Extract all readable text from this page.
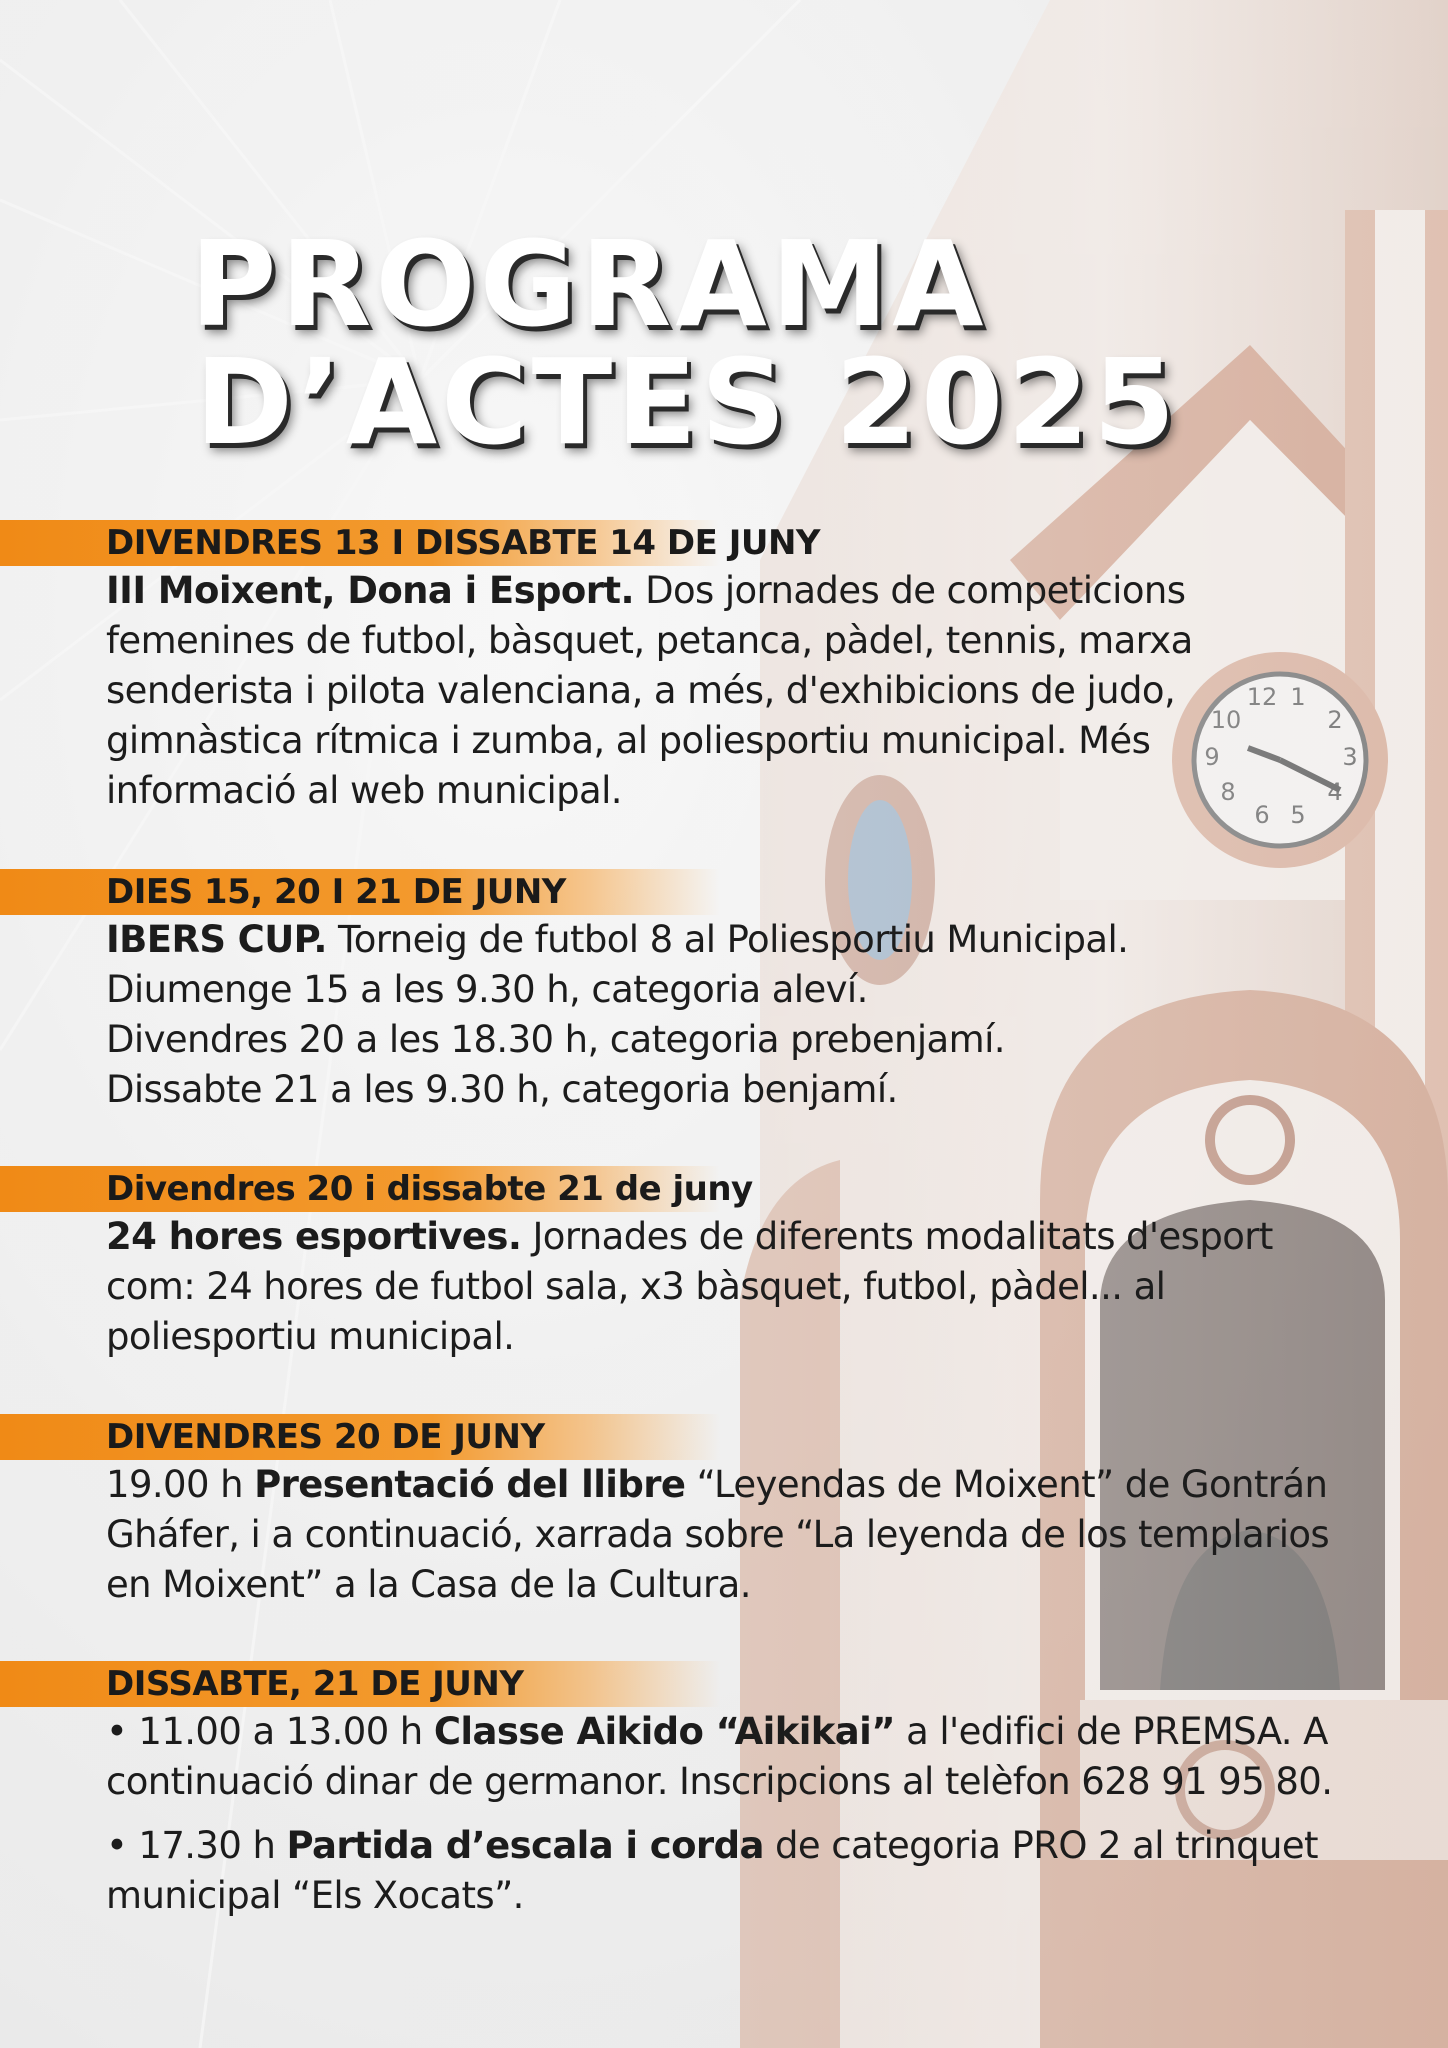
PROGRAMA
D’ACTES 2025
DIVENDRES 13 I DISSABTE 14 DE JUNY

III Moixent, Dona i Esport. Dos jornades de competicions femenines de futbol, bàsquet, petanca, pàdel, tennis, marxa senderista i pilota valenciana, a més, d'exhibicions de judo, gimnàstica rítmica i zumba, al poliesportiu municipal. Més informació al web municipal.

DIES 15, 20 I 21 DE JUNY

IBERS CUP. Torneig de futbol 8 al Poliesportiu Municipal.

Diumenge 15 a les 9.30 h, categoria aleví.

Divendres 20 a les 18.30 h, categoria prebenjamí.

Dissabte 21 a les 9.30 h, categoria benjamí.

Divendres 20 i dissabte 21 de juny

24 hores esportives. Jornades de diferents modalitats d'esport com: 24 hores de futbol sala, x3 bàsquet, futbol, pàdel... al poliesportiu municipal.

DIVENDRES 20 DE JUNY

19.00 h Presentació del llibre “Leyendas de Moixent” de Gontrán Gháfer, i a continuació, xarrada sobre “La leyenda de los templarios en Moixent” a la Casa de la Cultura.

DISSABTE, 21 DE JUNY

• 11.00 a 13.00 h Classe Aikido “Aikikai” a l'edifici de PREMSA. A continuació dinar de germanor. Inscripcions al telèfon 628 91 95 80.

• 17.30 h Partida d’escala i corda de categoria PRO 2 al trinquet municipal “Els Xocats”.
